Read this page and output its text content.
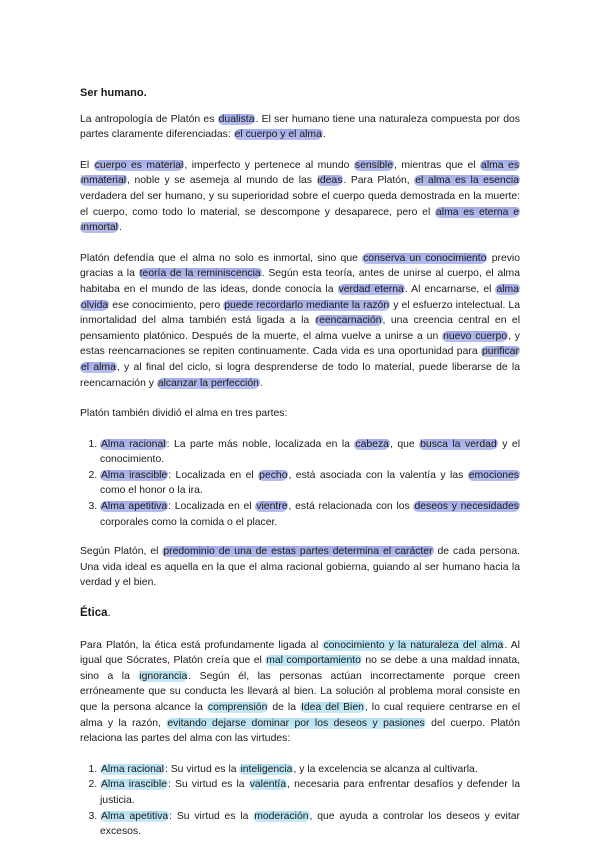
Ser humano.

La antropología de Platón es dualista. El ser humano tiene una naturaleza compuesta por dos partes claramente diferenciadas: el cuerpo y el alma.

El cuerpo es material, imperfecto y pertenece al mundo sensible, mientras que el alma es inmaterial, noble y se asemeja al mundo de las ideas. Para Platón, el alma es la esencia verdadera del ser humano, y su superioridad sobre el cuerpo queda demostrada en la muerte: el cuerpo, como todo lo material, se descompone y desaparece, pero el alma es eterna e inmortal.

Platón defendía que el alma no solo es inmortal, sino que conserva un conocimiento previo gracias a la teoría de la reminiscencia. Según esta teoría, antes de unirse al cuerpo, el alma habitaba en el mundo de las ideas, donde conocía la verdad eterna. Al encarnarse, el alma olvida ese conocimiento, pero puede recordarlo mediante la razón y el esfuerzo intelectual. La inmortalidad del alma también está ligada a la reencarnación, una creencia central en el pensamiento platónico. Después de la muerte, el alma vuelve a unirse a un nuevo cuerpo, y estas reencarnaciones se repiten continuamente. Cada vida es una oportunidad para purificar el alma, y al final del ciclo, si logra desprenderse de todo lo material, puede liberarse de la reencarnación y alcanzar la perfección.

Platón también dividió el alma en tres partes:

1. Alma racional: La parte más noble, localizada en la cabeza, que busca la verdad y el conocimiento.
2. Alma irascible: Localizada en el pecho, está asociada con la valentía y las emociones como el honor o la ira.
3. Alma apetitiva: Localizada en el vientre, está relacionada con los deseos y necesidades corporales como la comida o el placer.

Según Platón, el predominio de una de estas partes determina el carácter de cada persona. Una vida ideal es aquella en la que el alma racional gobierna, guiando al ser humano hacia la verdad y el bien.

Ética.

Para Platón, la ética está profundamente ligada al conocimiento y la naturaleza del alma. Al igual que Sócrates, Platón creía que el mal comportamiento no se debe a una maldad innata, sino a la ignorancia. Según él, las personas actúan incorrectamente porque creen erróneamente que su conducta les llevará al bien. La solución al problema moral consiste en que la persona alcance la comprensión de la Idea del Bien, lo cual requiere centrarse en el alma y la razón, evitando dejarse dominar por los deseos y pasiones del cuerpo. Platón relaciona las partes del alma con las virtudes:

1. Alma racional: Su virtud es la inteligencia, y la excelencia se alcanza al cultivarla.
2. Alma irascible: Su virtud es la valentía, necesaria para enfrentar desafíos y defender la justicia.
3. Alma apetitiva: Su virtud es la moderación, que ayuda a controlar los deseos y evitar excesos.
